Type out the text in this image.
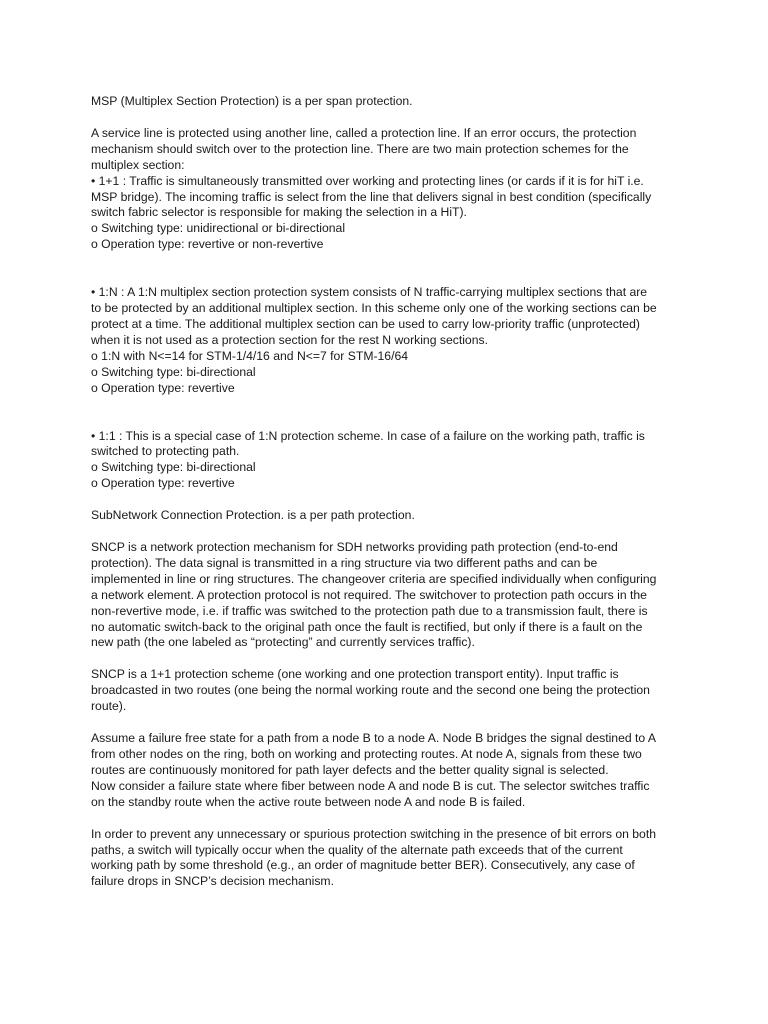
MSP (Multiplex Section Protection) is a per span protection.
A service line is protected using another line, called a protection line. If an error occurs, the protection
mechanism should switch over to the protection line. There are two main protection schemes for the
multiplex section:
• 1+1 : Traffic is simultaneously transmitted over working and protecting lines (or cards if it is for hiT i.e.
MSP bridge). The incoming traffic is select from the line that delivers signal in best condition (specifically
switch fabric selector is responsible for making the selection in a HiT).
o Switching type: unidirectional or bi-directional
o Operation type: revertive or non-revertive
• 1:N : A 1:N multiplex section protection system consists of N traffic-carrying multiplex sections that are
to be protected by an additional multiplex section. In this scheme only one of the working sections can be
protect at a time. The additional multiplex section can be used to carry low-priority traffic (unprotected)
when it is not used as a protection section for the rest N working sections.
o 1:N with N<=14 for STM-1/4/16 and N<=7 for STM-16/64
o Switching type: bi-directional
o Operation type: revertive
• 1:1 : This is a special case of 1:N protection scheme. In case of a failure on the working path, traffic is
switched to protecting path.
o Switching type: bi-directional
o Operation type: revertive
SubNetwork Connection Protection. is a per path protection.
SNCP is a network protection mechanism for SDH networks providing path protection (end-to-end
protection). The data signal is transmitted in a ring structure via two different paths and can be
implemented in line or ring structures. The changeover criteria are specified individually when configuring
a network element. A protection protocol is not required. The switchover to protection path occurs in the
non-revertive mode, i.e. if traffic was switched to the protection path due to a transmission fault, there is
no automatic switch-back to the original path once the fault is rectified, but only if there is a fault on the
new path (the one labeled as “protecting” and currently services traffic).
SNCP is a 1+1 protection scheme (one working and one protection transport entity). Input traffic is
broadcasted in two routes (one being the normal working route and the second one being the protection
route).
Assume a failure free state for a path from a node B to a node A. Node B bridges the signal destined to A
from other nodes on the ring, both on working and protecting routes. At node A, signals from these two
routes are continuously monitored for path layer defects and the better quality signal is selected.
Now consider a failure state where fiber between node A and node B is cut. The selector switches traffic
on the standby route when the active route between node A and node B is failed.
In order to prevent any unnecessary or spurious protection switching in the presence of bit errors on both
paths, a switch will typically occur when the quality of the alternate path exceeds that of the current
working path by some threshold (e.g., an order of magnitude better BER). Consecutively, any case of
failure drops in SNCP’s decision mechanism.
